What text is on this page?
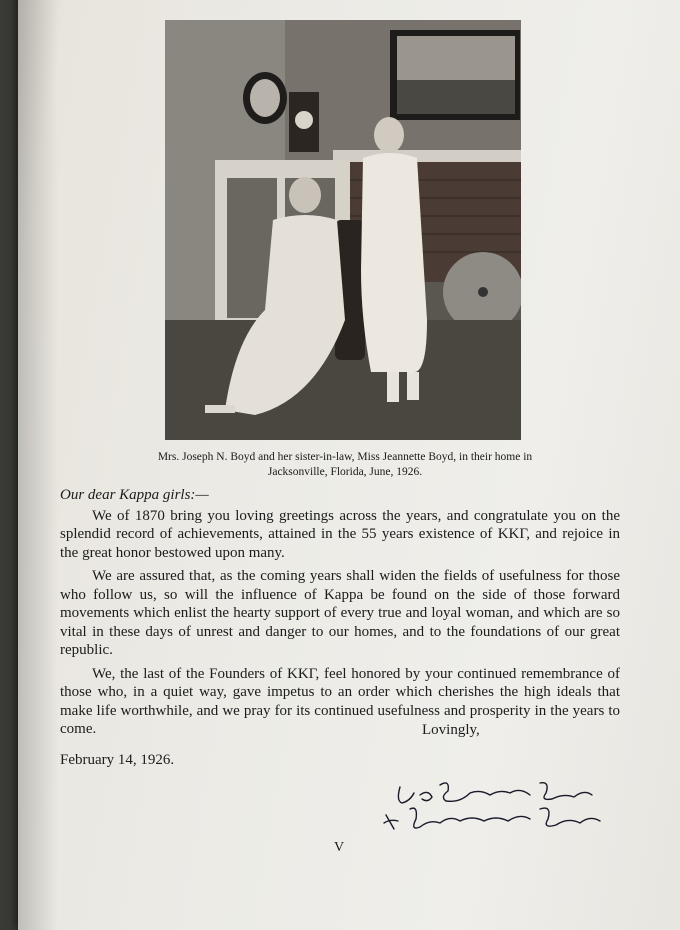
Mrs. Joseph N. Boyd and her sister-in-law, Miss Jeannette Boyd, in their home in Jacksonville, Florida, June, 1926.

Our dear Kappa girls:—

We of 1870 bring you loving greetings across the years, and congratulate you on the splendid record of achievements, attained in the 55 years existence of ΚΚΓ, and rejoice in the great honor bestowed upon many.

We are assured that, as the coming years shall widen the fields of usefulness for those who follow us, so will the influence of Kappa be found on the side of those forward movements which enlist the hearty support of every true and loyal woman, and which are so vital in these days of unrest and danger to our homes, and to the foundations of our great republic.

We, the last of the Founders of ΚΚΓ, feel honored by your continued remembrance of those who, in a quiet way, gave impetus to an order which cherishes the high ideals that make life worthwhile, and we pray for its continued usefulness and prosperity in the years to come.

February 14, 1926.
Lovingly,
V
